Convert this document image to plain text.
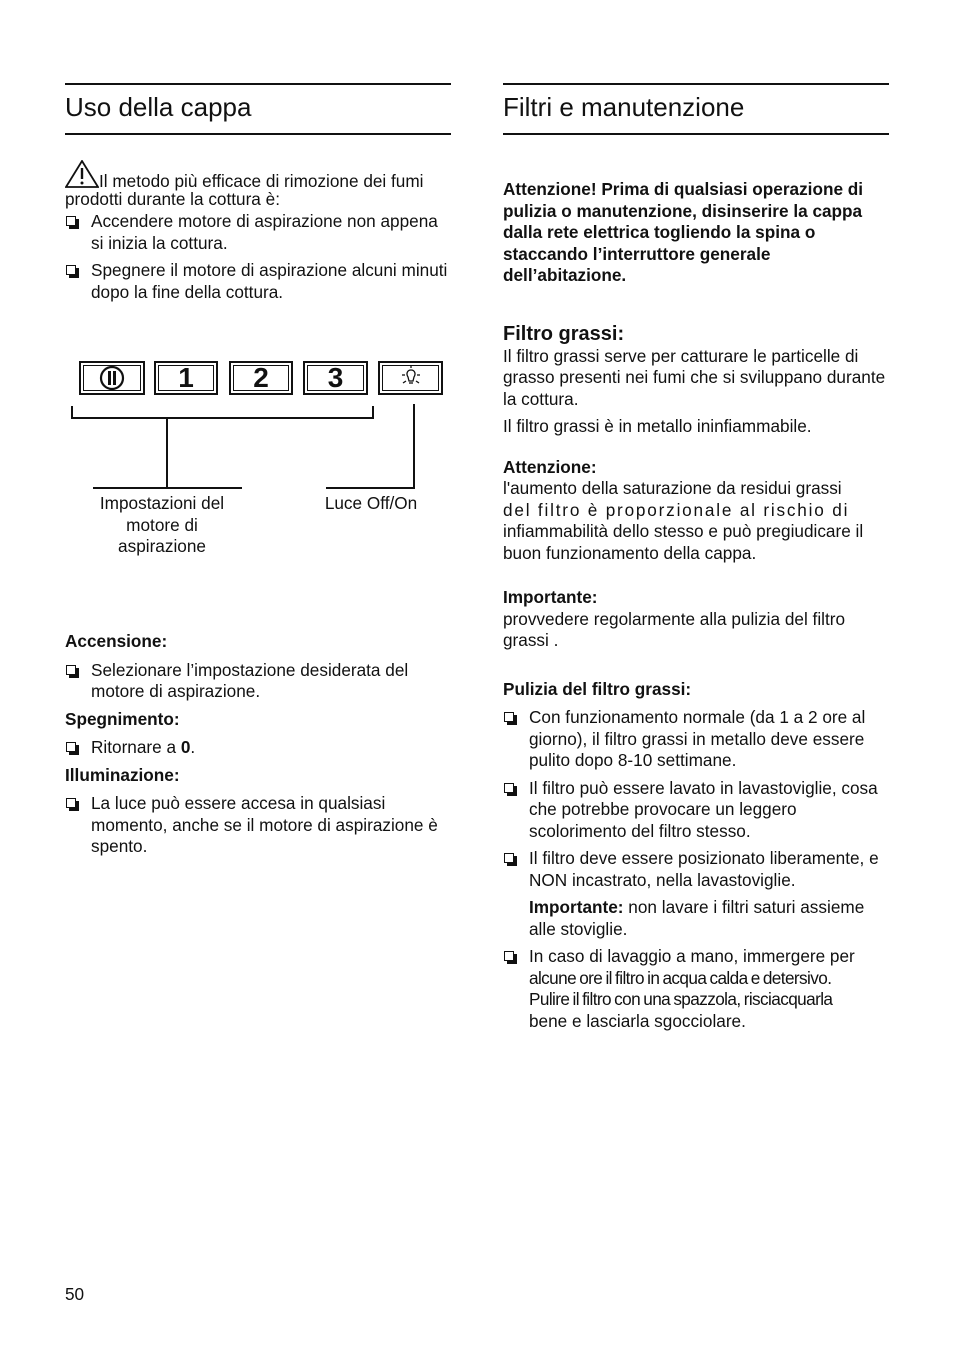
Uso della cappa	Filtri e manutenzione

Il metodo più efficace di rimozione dei fumi prodotti durante la cottura è:

Accendere motore di aspirazione non appena si inizia la cottura.
Spegnere il motore di aspirazione alcuni minuti dopo la fine della cottura.
1 2 3
Impostazioni del motore di aspirazione
Luce Off/On

Accensione:

Selezionare l’impostazione desiderata del motore di aspirazione.

Spegnimento:

Ritornare a 0.

Illuminazione:

La luce può essere accesa in qualsiasi momento, anche se il motore di aspirazione è spento.

Attenzione! Prima di qualsiasi operazione di pulizia o manutenzione, disinserire la cappa dalla rete elettrica togliendo la spina o staccando l’interruttore generale dell’abitazione.

Filtro grassi:

Il filtro grassi serve per catturare le particelle di grasso presenti nei fumi che si sviluppano durante la cottura.

Il filtro grassi è in metallo ininfiammabile.

Attenzione:

l'aumento della saturazione da residui grassi

del filtro è proporzionale al rischio di

infiammabilità dello stesso e può pregiudicare il buon funzionamento della cappa.

Importante:

provvedere regolarmente alla pulizia del filtro grassi .

Pulizia del filtro grassi:

Con funzionamento normale (da 1 a 2 ore al giorno), il filtro grassi in metallo deve essere pulito dopo 8-10 settimane.
Il filtro può essere lavato in lavastoviglie, cosa che potrebbe provocare un leggero scolorimento del filtro stesso.
Il filtro deve essere posizionato liberamente, e NON incastrato, nella lavastoviglie.

Importante: non lavare i filtri saturi assieme alle stoviglie.

In caso di lavaggio a mano, immergere per
alcune ore il filtro in acqua calda e detersivo.
Pulire il filtro con una spazzola, risciacquarla
bene e lasciarla sgocciolare.
50
